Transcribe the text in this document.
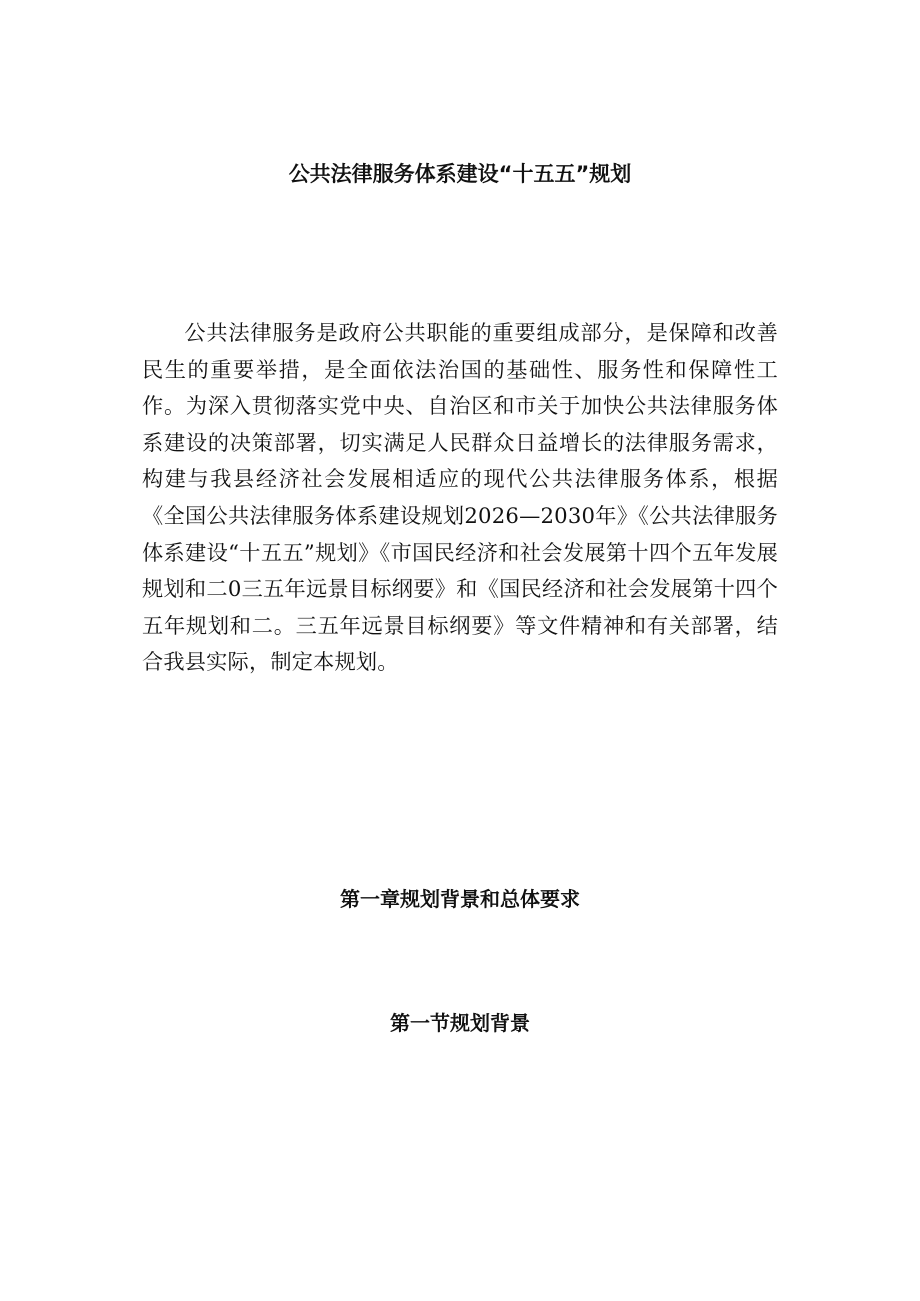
公共法律服务体系建设“十五五”规划

公共法律服务是政府公共职能的重要组成部分，是保障和改善民生的重要举措，是全面依法治国的基础性、服务性和保障性工作。为深入贯彻落实党中央、自治区和市关于加快公共法律服务体系建设的决策部署，切实满足人民群众日益增长的法律服务需求，构建与我县经济社会发展相适应的现代公共法律服务体系，根据《全国公共法律服务体系建设规划2026—2030年》《公共法律服务体系建设“十五五”规划》《市国民经济和社会发展第十四个五年发展规划和二0三五年远景目标纲要》和《国民经济和社会发展第十四个五年规划和二。三五年远景目标纲要》等文件精神和有关部署，结合我县实际，制定本规划。

第一章规划背景和总体要求
第一节规划背景
